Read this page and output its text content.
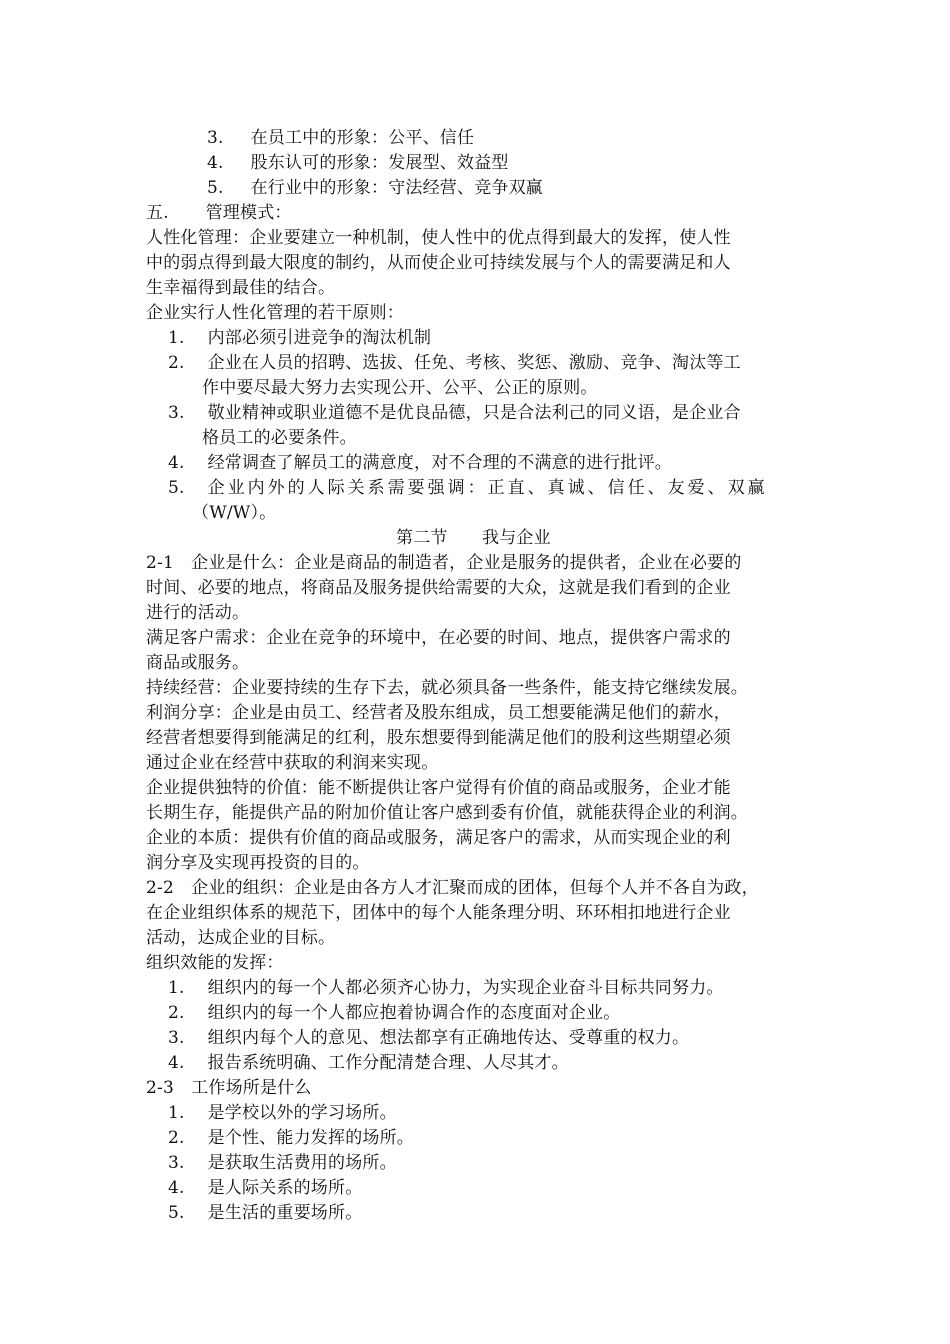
3. 在员工中的形象：公平、信任
4. 股东认可的形象：发展型、效益型
5. 在行业中的形象：守法经营、竞争双赢
五. 管理模式：
人性化管理：企业要建立一种机制，使人性中的优点得到最大的发挥，使人性
中的弱点得到最大限度的制约，从而使企业可持续发展与个人的需要满足和人
生幸福得到最佳的结合。
企业实行人性化管理的若干原则：
1. 内部必须引进竞争的淘汰机制
2. 企业在人员的招聘、选拔、任免、考核、奖惩、激励、竞争、淘汰等工
作中要尽最大努力去实现公开、公平、公正的原则。
3. 敬业精神或职业道德不是优良品德，只是合法利己的同义语，是企业合
格员工的必要条件。
4. 经常调查了解员工的满意度，对不合理的不满意的进行批评。
5. 企业内外的人际关系需要强调：正直、真诚、信任、友爱、双赢
（W/W）。
第二节　　我与企业
2-1　企业是什么：企业是商品的制造者，企业是服务的提供者，企业在必要的
时间、必要的地点，将商品及服务提供给需要的大众，这就是我们看到的企业
进行的活动。
满足客户需求：企业在竞争的环境中，在必要的时间、地点，提供客户需求的
商品或服务。
持续经营：企业要持续的生存下去，就必须具备一些条件，能支持它继续发展。
利润分享：企业是由员工、经营者及股东组成，员工想要能满足他们的薪水，
经营者想要得到能满足的红利，股东想要得到能满足他们的股利这些期望必须
通过企业在经营中获取的利润来实现。
企业提供独特的价值：能不断提供让客户觉得有价值的商品或服务，企业才能
长期生存，能提供产品的附加价值让客户感到委有价值，就能获得企业的利润。
企业的本质：提供有价值的商品或服务，满足客户的需求，从而实现企业的利
润分享及实现再投资的目的。
2-2　企业的组织：企业是由各方人才汇聚而成的团体，但每个人并不各自为政，
在企业组织体系的规范下，团体中的每个人能条理分明、环环相扣地进行企业
活动，达成企业的目标。
组织效能的发挥：
1. 组织内的每一个人都必须齐心协力，为实现企业奋斗目标共同努力。
2. 组织内的每一个人都应抱着协调合作的态度面对企业。
3. 组织内每个人的意见、想法都享有正确地传达、受尊重的权力。
4. 报告系统明确、工作分配清楚合理、人尽其才。
2-3　工作场所是什么
1. 是学校以外的学习场所。
2. 是个性、能力发挥的场所。
3. 是获取生活费用的场所。
4. 是人际关系的场所。
5. 是生活的重要场所。
